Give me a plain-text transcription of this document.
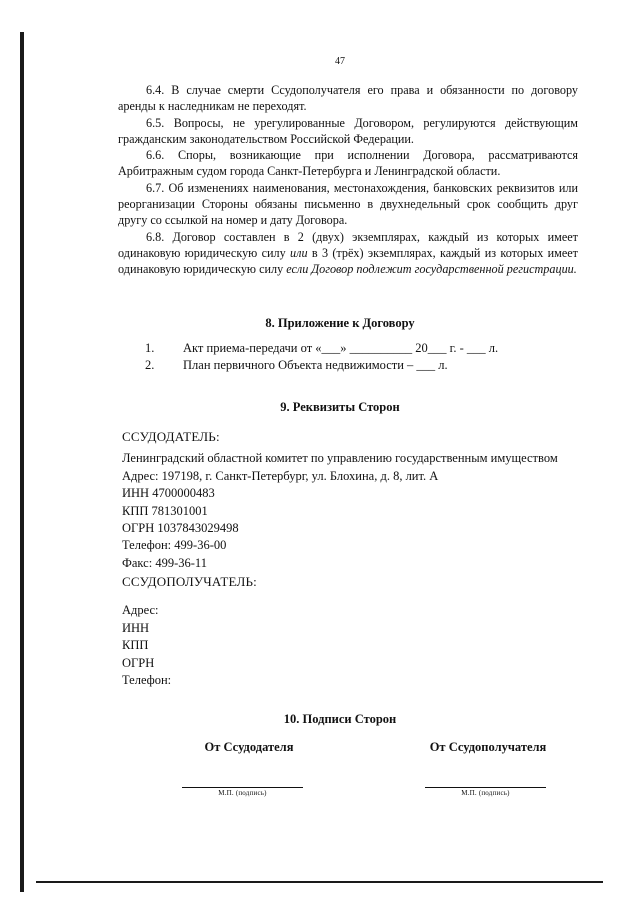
47

6.4. В случае смерти Ссудополучателя его права и обязанности по договору аренды к наследникам не переходят.

6.5. Вопросы, не урегулированные Договором, регулируются действующим гражданским законодательством Российской Федерации.

6.6. Споры, возникающие при исполнении Договора, рассматриваются Арбитражным судом города Санкт-Петербурга и Ленинградской области.

6.7. Об изменениях наименования, местонахождения, банковских реквизитов или реорганизации Стороны обязаны письменно в двухнедельный срок сообщить друг другу со ссылкой на номер и дату Договора.

6.8. Договор составлен в 2 (двух) экземплярах, каждый из которых имеет одинаковую юридическую силу или в 3 (трёх) экземплярах, каждый из которых имеет одинаковую юридическую силу если Договор подлежит государственной регистрации.

8. Приложение к Договору
1.	Акт приема-передачи от «___» __________ 20___ г. - ___ л.
2.	План первичного Объекта недвижимости – ___ л.
9. Реквизиты Сторон
ССУДОДАТЕЛЬ:
Ленинградский областной комитет по управлению государственным имуществом
Адрес: 197198, г. Санкт-Петербург, ул. Блохина, д. 8, лит. А
ИНН 4700000483
КПП 781301001
ОГРН 1037843029498
Телефон: 499-36-00
Факс: 499-36-11
ССУДОПОЛУЧАТЕЛЬ:
Адрес:
ИНН
КПП
ОГРН
Телефон:
10. Подписи Сторон
От Ссудодателя	От Ссудополучателя
М.П. (подпись)	М.П. (подпись)
